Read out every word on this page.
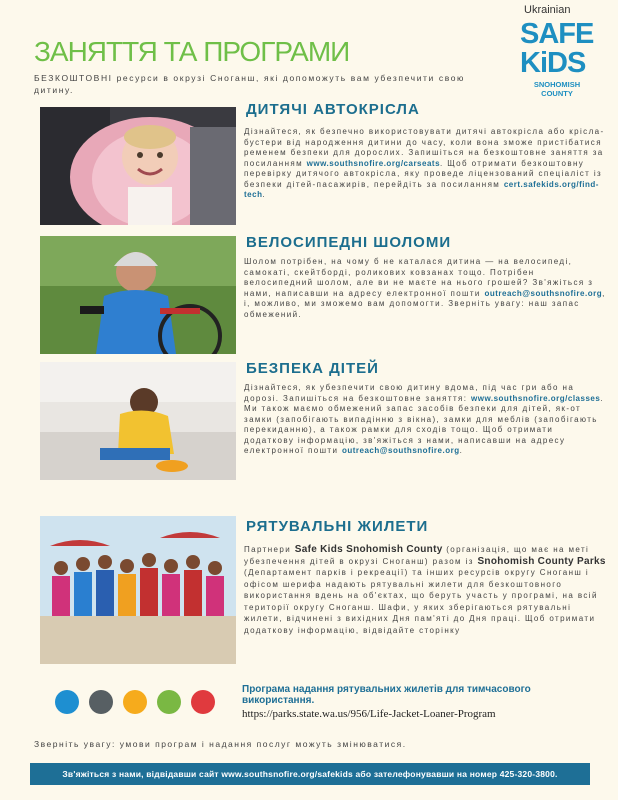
Ukrainian
SAFE
KiDS
SNOHOMISH COUNTY
ЗАНЯТТЯ ТА ПРОГРАМИ

БЕЗКОШТОВНІ ресурси в окрузі Сноганш, які допоможуть вам убезпечити свою дитину.

ДИТЯЧІ АВТОКРІСЛА
Дізнайтеся, як безпечно використовувати дитячі автокрісла або крісла-бустери від народження дитини до часу, коли вона зможе пристібатися ременем безпеки для дорослих. Запишіться на безкоштовне заняття за посиланням www.southsnofire.org/carseats. Щоб отримати безкоштовну перевірку дитячого автокрісла, яку проведе ліцензований спеціаліст із безпеки дітей-пасажирів, перейдіть за посиланням cert.safekids.org/find-tech.
ВЕЛОСИПЕДНІ ШОЛОМИ
Шолом потрібен, на чому б не каталася дитина — на велосипеді, самокаті, скейтборді, роликових ковзанах тощо. Потрібен велосипедний шолом, але ви не маєте на нього грошей? Зв'яжіться з нами, написавши на адресу електронної пошти outreach@southsnofire.org, і, можливо, ми зможемо вам допомогти. Зверніть увагу: наш запас обмежений.
БЕЗПЕКА ДІТЕЙ
Дізнайтеся, як убезпечити свою дитину вдома, під час гри або на дорозі. Запишіться на безкоштовне заняття: www.southsnofire.org/classes. Ми також маємо обмежений запас засобів безпеки для дітей, як-от замки (запобігають випадінню з вікна), замки для меблів (запобігають перекиданню), а також рамки для сходів тощо. Щоб отримати додаткову інформацію, зв'яжіться з нами, написавши на адресу електронної пошти outreach@southsnofire.org.
РЯТУВАЛЬНІ ЖИЛЕТИ
Партнери Safe Kids Snohomish County (організація, що має на меті убезпечення дітей в окрузі Сноганш) разом із Snohomish County Parks (Департамент парків і рекреації) та інших ресурсів округу Сноганш і офісом шерифа надають рятувальні жилети для безкоштовного використання вдень на об'єктах, що беруть участь у програмі, на всій території округу Сноганш. Шафи, у яких зберігаються рятувальні жилети, відчинені з вихідних Дня пам'яті до Дня праці. Щоб отримати додаткову інформацію, відвідайте сторінку
Програма надання рятувальних жилетів для тимчасового використання.
https://parks.state.wa.us/956/Life-Jacket-Loaner-Program
Зверніть увагу: умови програм і надання послуг можуть змінюватися.
Зв'яжіться з нами, відвідавши сайт www.southsnofire.org/safekids або зателефонувавши на номер 425-320-3800.
